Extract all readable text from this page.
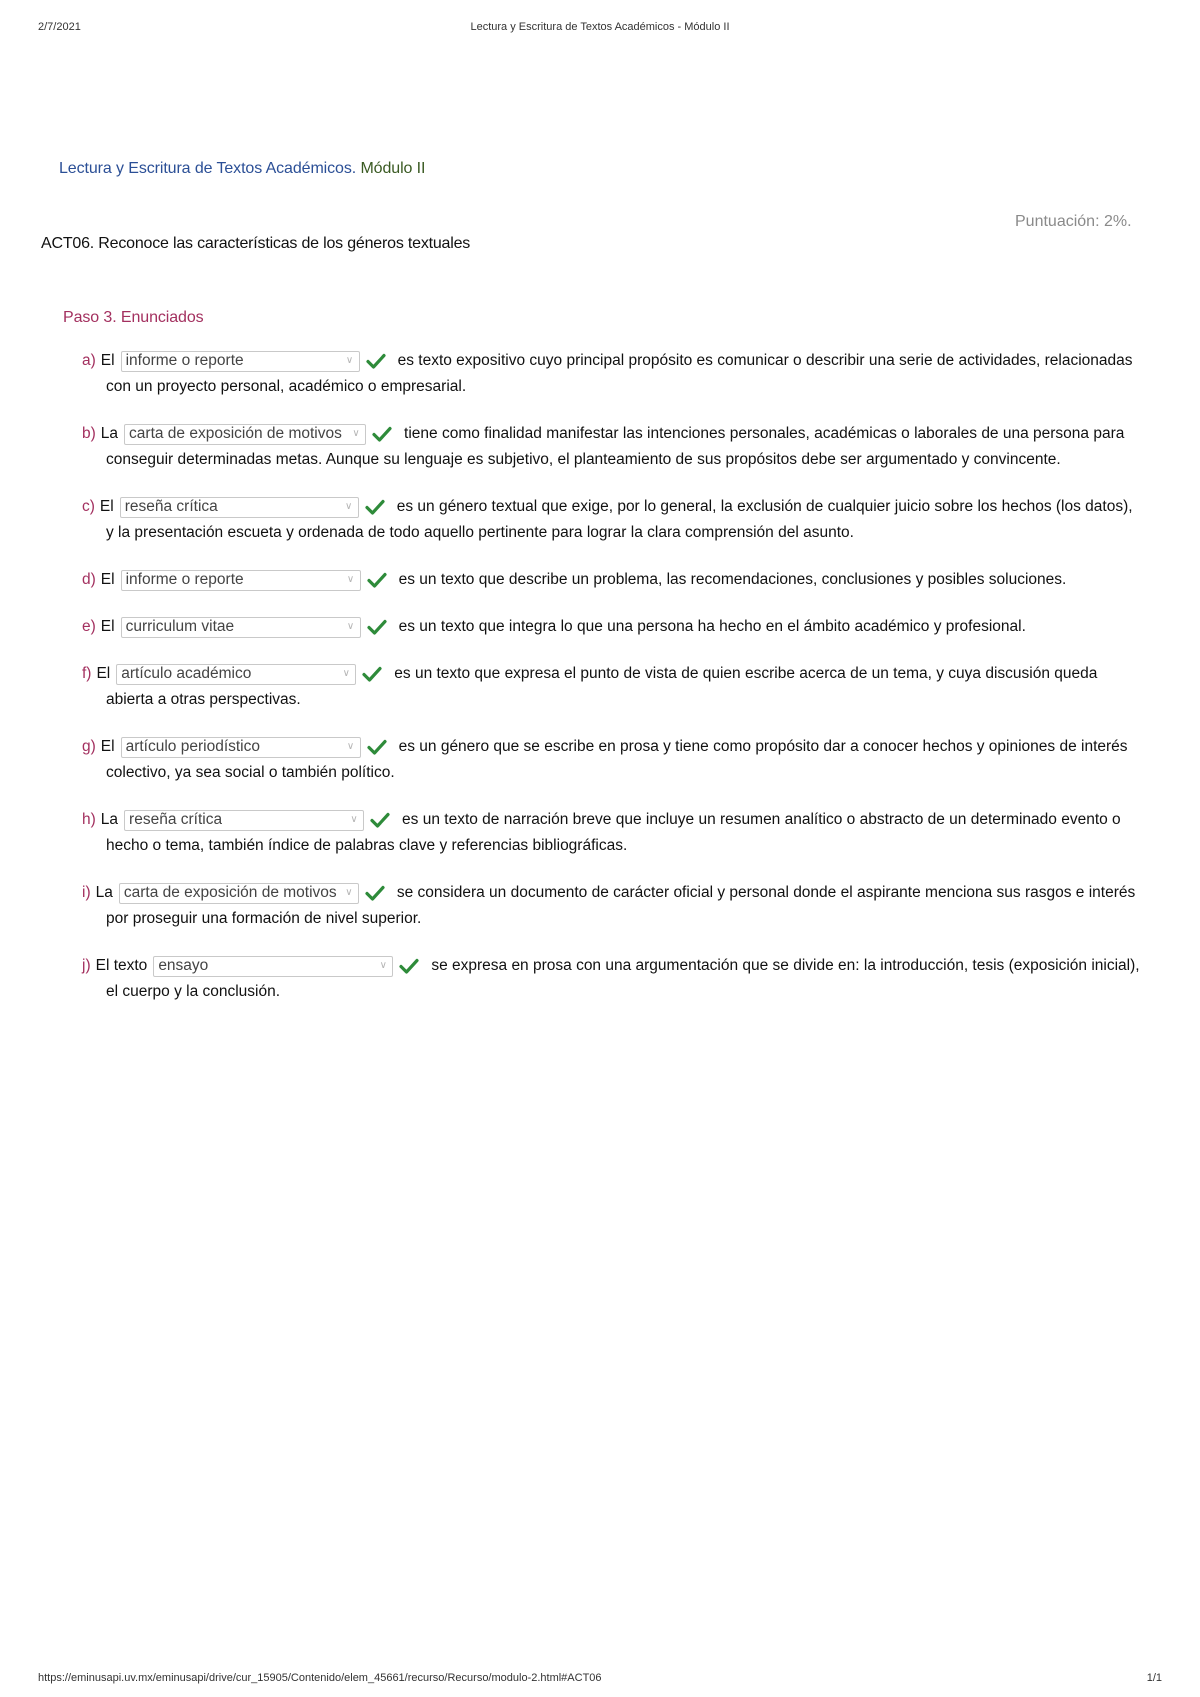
2/7/2021	Lectura y Escritura de Textos Académicos - Módulo II
Lectura y Escritura de Textos Académicos. Módulo II
Puntuación: 2%.
ACT06. Reconoce las características de los géneros textuales
Paso 3. Enunciados
a) El informe o reporte	∨	es texto expositivo cuyo principal propósito es comunicar o describir una serie de actividades, relacionadas
con un proyecto personal, académico o empresarial.
b) La carta de exposición de motivos ∨	tiene como finalidad manifestar las intenciones personales, académicas o laborales de una persona para
conseguir determinadas metas. Aunque su lenguaje es subjetivo, el planteamiento de sus propósitos debe ser argumentado y convincente.
c) El reseña crítica	∨	es un género textual que exige, por lo general, la exclusión de cualquier juicio sobre los hechos (los datos),
y la presentación escueta y ordenada de todo aquello pertinente para lograr la clara comprensión del asunto.
d) El informe o reporte	∨	es un texto que describe un problema, las recomendaciones, conclusiones y posibles soluciones.
e) El curriculum vitae	∨	es un texto que integra lo que una persona ha hecho en el ámbito académico y profesional.
f) El artículo académico	∨	es un texto que expresa el punto de vista de quien escribe acerca de un tema, y cuya discusión queda
abierta a otras perspectivas.
g) El artículo periodístico	∨	es un género que se escribe en prosa y tiene como propósito dar a conocer hechos y opiniones de interés
colectivo, ya sea social o también político.
h) La reseña crítica	∨	es un texto de narración breve que incluye un resumen analítico o abstracto de un determinado evento o
hecho o tema, también índice de palabras clave y referencias bibliográficas.
i) La carta de exposición de motivos ∨	se considera un documento de carácter oficial y personal donde el aspirante menciona sus rasgos e interés
por proseguir una formación de nivel superior.
j) El texto ensayo	∨	se expresa en prosa con una argumentación que se divide en: la introducción, tesis (exposición inicial),
el cuerpo y la conclusión.
https://eminusapi.uv.mx/eminusapi/drive/cur_15905/Contenido/elem_45661/recurso/Recurso/modulo-2.html#ACT06	1/1
